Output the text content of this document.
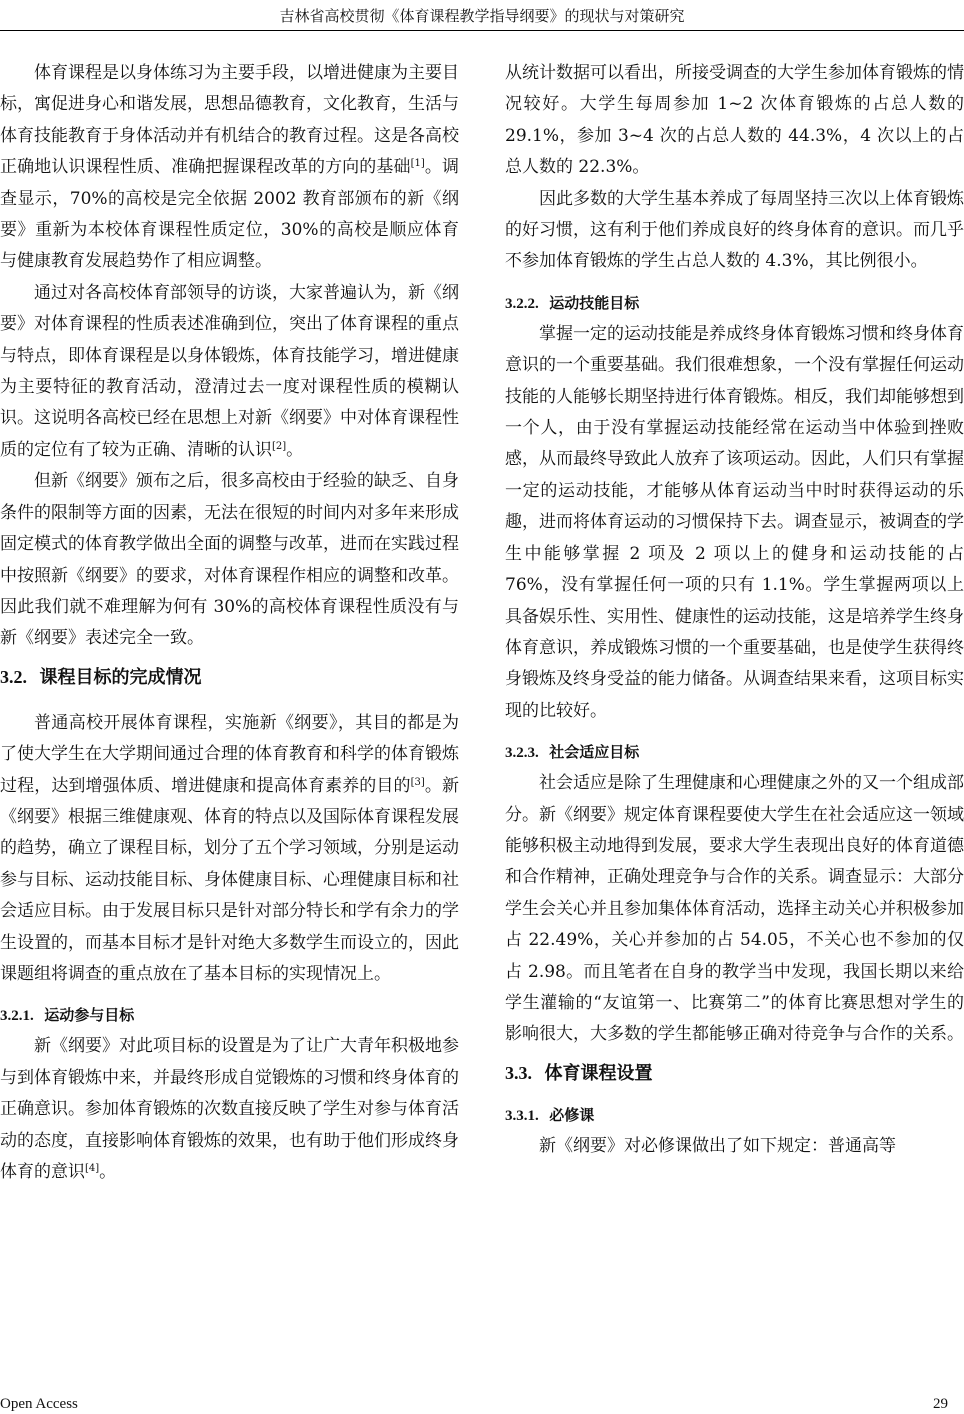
吉林省高校贯彻《体育课程教学指导纲要》的现状与对策研究

体育课程是以身体练习为主要手段，以增进健康为主要目标，寓促进身心和谐发展，思想品德教育，文化教育，生活与体育技能教育于身体活动并有机结合的教育过程。这是各高校正确地认识课程性质、准确把握课程改革的方向的基础[1]。调查显示，70%的高校是完全依据 2002 教育部颁布的新《纲要》重新为本校体育课程性质定位，30%的高校是顺应体育与健康教育发展趋势作了相应调整。

通过对各高校体育部领导的访谈，大家普遍认为，新《纲要》对体育课程的性质表述准确到位，突出了体育课程的重点与特点，即体育课程是以身体锻炼，体育技能学习，增进健康为主要特征的教育活动，澄清过去一度对课程性质的模糊认识。这说明各高校已经在思想上对新《纲要》中对体育课程性质的定位有了较为正确、清晰的认识[2]。

但新《纲要》颁布之后，很多高校由于经验的缺乏、自身条件的限制等方面的因素，无法在很短的时间内对多年来形成固定模式的体育教学做出全面的调整与改革，进而在实践过程中按照新《纲要》的要求，对体育课程作相应的调整和改革。因此我们就不难理解为何有 30%的高校体育课程性质没有与新《纲要》表述完全一致。

3.2. 课程目标的完成情况

普通高校开展体育课程，实施新《纲要》，其目的都是为了使大学生在大学期间通过合理的体育教育和科学的体育锻炼过程，达到增强体质、增进健康和提高体育素养的目的[3]。新《纲要》根据三维健康观、体育的特点以及国际体育课程发展的趋势，确立了课程目标，划分了五个学习领域，分别是运动参与目标、运动技能目标、身体健康目标、心理健康目标和社会适应目标。由于发展目标只是针对部分特长和学有余力的学生设置的，而基本目标才是针对绝大多数学生而设立的，因此课题组将调查的重点放在了基本目标的实现情况上。

3.2.1. 运动参与目标

新《纲要》对此项目标的设置是为了让广大青年积极地参与到体育锻炼中来，并最终形成自觉锻炼的习惯和终身体育的正确意识。参加体育锻炼的次数直接反映了学生对参与体育活动的态度，直接影响体育锻炼的效果，也有助于他们形成终身体育的意识[4]。

从统计数据可以看出，所接受调查的大学生参加体育锻炼的情况较好。大学生每周参加 1~2 次体育锻炼的占总人数的 29.1%，参加 3~4 次的占总人数的 44.3%，4 次以上的占总人数的 22.3%。

因此多数的大学生基本养成了每周坚持三次以上体育锻炼的好习惯，这有利于他们养成良好的终身体育的意识。而几乎不参加体育锻炼的学生占总人数的 4.3%，其比例很小。

3.2.2. 运动技能目标

掌握一定的运动技能是养成终身体育锻炼习惯和终身体育意识的一个重要基础。我们很难想象，一个没有掌握任何运动技能的人能够长期坚持进行体育锻炼。相反，我们却能够想到一个人，由于没有掌握运动技能经常在运动当中体验到挫败感，从而最终导致此人放弃了该项运动。因此，人们只有掌握一定的运动技能，才能够从体育运动当中时时获得运动的乐趣，进而将体育运动的习惯保持下去。调查显示，被调查的学生中能够掌握 2 项及 2 项以上的健身和运动技能的占 76%，没有掌握任何一项的只有 1.1%。学生掌握两项以上具备娱乐性、实用性、健康性的运动技能，这是培养学生终身体育意识，养成锻炼习惯的一个重要基础，也是使学生获得终身锻炼及终身受益的能力储备。从调查结果来看，这项目标实现的比较好。

3.2.3. 社会适应目标

社会适应是除了生理健康和心理健康之外的又一个组成部分。新《纲要》规定体育课程要使大学生在社会适应这一领域能够积极主动地得到发展，要求大学生表现出良好的体育道德和合作精神，正确处理竞争与合作的关系。调查显示：大部分学生会关心并且参加集体体育活动，选择主动关心并积极参加占 22.49%，关心并参加的占 54.05，不关心也不参加的仅占 2.98。而且笔者在自身的教学当中发现，我国长期以来给学生灌输的“友谊第一、比赛第二”的体育比赛思想对学生的影响很大，大多数的学生都能够正确对待竞争与合作的关系。

3.3. 体育课程设置
3.3.1. 必修课

新《纲要》对必修课做出了如下规定：普通高等

Open Access	29
